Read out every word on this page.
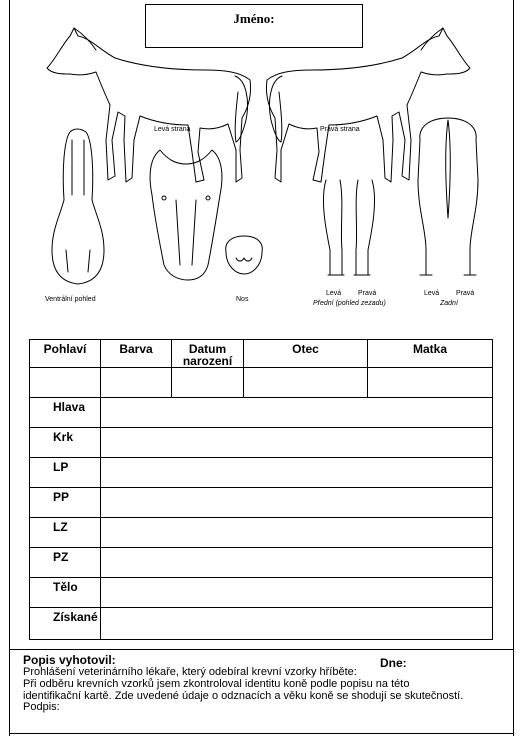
Jméno:
Levá strana	Pravá strana
Ventrální pohled	Nos
Levá Pravá
Přední (pohled zezadu)
Levá Pravá
Zadní
Pohlaví	Barva	Datum narození	Otec	Matka

Hlava				
Krk				
LP				
PP				
LZ				
PZ				
Tělo				
Získané				
Popis vyhotovil:	Dne:
Prohlášení veterinárního lékaře, který odebíral krevní vzorky hříběte:
Při odběru krevních vzorků jsem zkontroloval identitu koně podle popisu na této
identifikační kartě. Zde uvedené údaje o odznacích a věku koně se shodují se skutečností.
Podpis:
